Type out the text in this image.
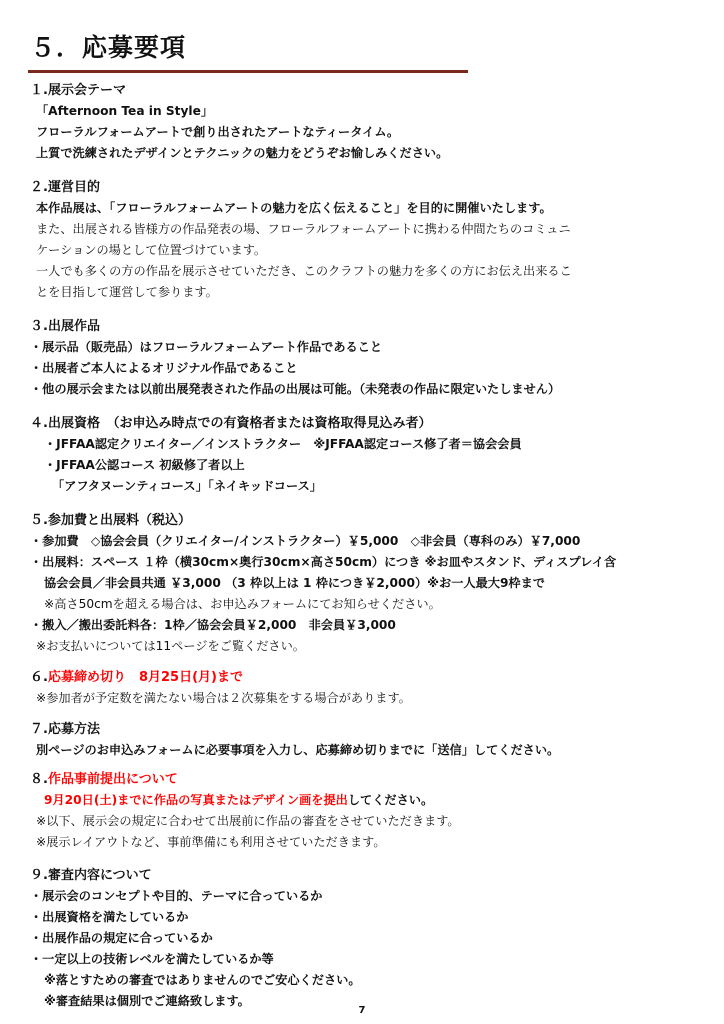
５．応募要項
１.展示会テーマ
「Afternoon Tea in Style」
フローラルフォームアートで創り出されたアートなティータイム。
上質で洗練されたデザインとテクニックの魅力をどうぞお愉しみください。
２.運営目的
本作品展は、「フローラルフォームアートの魅力を広く伝えること」を目的に開催いたします。
また、出展される皆様方の作品発表の場、フローラルフォームアートに携わる仲間たちのコミュニ
ケーションの場として位置づけています。
一人でも多くの方の作品を展示させていただき、このクラフトの魅力を多くの方にお伝え出来るこ
とを目指して運営して参ります。
３.出展作品
・展示品（販売品）はフローラルフォームアート作品であること
・出展者ご本人によるオリジナル作品であること
・他の展示会または以前出展発表された作品の出展は可能。（未発表の作品に限定いたしません）
４.出展資格　（お申込み時点での有資格者または資格取得見込み者）
・JFFAA認定クリエイター／インストラクター　※JFFAA認定コース修了者＝協会会員
・JFFAA公認コース 初級修了者以上
「アフタヌーンティコース」「ネイキッドコース」
５.参加費と出展料（税込）
・参加費　◇協会会員（クリエイター/インストラクター）￥5,000　◇非会員（専科のみ）￥7,000
・出展料：スペース １枠（横30cm×奥行30cm×高さ50cm）につき ※お皿やスタンド、ディスプレイ含
協会会員／非会員共通 ￥3,000 （3 枠以上は 1 枠につき￥2,000）※お一人最大9枠まで
※高さ50cmを超える場合は、お申込みフォームにてお知らせください。
・搬入／搬出委託料各：1枠／協会会員￥2,000　非会員￥3,000
※お支払いについては11ページをご覧ください。
６.応募締め切り　8月25日(月)まで
※参加者が予定数を満たない場合は２次募集をする場合があります。
７.応募方法
別ページのお申込みフォームに必要事項を入力し、応募締め切りまでに「送信」してください。
８.作品事前提出について
9月20日(土)までに作品の写真またはデザイン画を提出してください。
※以下、展示会の規定に合わせて出展前に作品の審査をさせていただきます。
※展示レイアウトなど、事前準備にも利用させていただきます。
９.審査内容について
・展示会のコンセプトや目的、テーマに合っているか
・出展資格を満たしているか
・出展作品の規定に合っているか
・一定以上の技術レベルを満たしているか等
※落とすための審査ではありませんのでご安心ください。
※審査結果は個別でご連絡致します。
7
